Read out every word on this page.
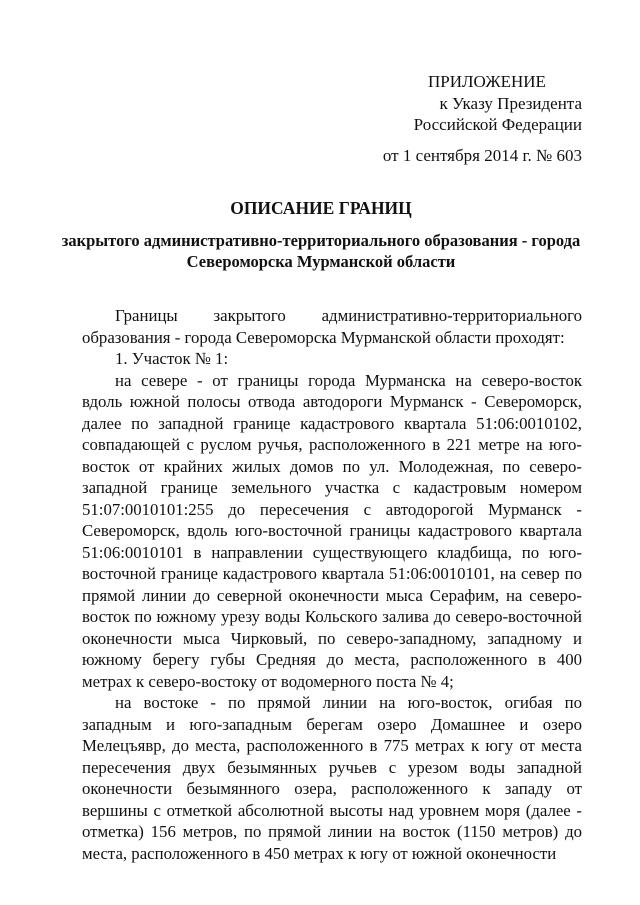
ПРИЛОЖЕНИЕ
к Указу Президента
Российской Федерации
от 1 сентября 2014 г. № 603
ОПИСАНИЕ ГРАНИЦ
закрытого административно-территориального образования - города Североморска Мурманской области

Границы закрытого административно-территориального образования - города Североморска Мурманской области проходят:

1. Участок № 1:

на севере - от границы города Мурманска на северо-восток вдоль южной полосы отвода автодороги Мурманск - Североморск, далее по западной границе кадастрового квартала 51:06:0010102, совпадающей с руслом ручья, расположенного в 221 метре на юго-восток от крайних жилых домов по ул. Молодежная, по северо-западной границе земельного участка с кадастровым номером 51:07:0010101:255 до пересечения с автодорогой Мурманск - Североморск, вдоль юго-восточной границы кадастрового квартала 51:06:0010101 в направлении существующего кладбища, по юго-восточной границе кадастрового квартала 51:06:0010101, на север по прямой линии до северной оконечности мыса Серафим, на северо-восток по южному урезу воды Кольского залива до северо-восточной оконечности мыса Чирковый, по северо-западному, западному и южному берегу губы Средняя до места, расположенного в 400 метрах к северо-востоку от водомерного поста № 4;

на востоке - по прямой линии на юго-восток, огибая по западным и юго-западным берегам озеро Домашнее и озеро Мелецъявр, до места, расположенного в 775 метрах к югу от места пересечения двух безымянных ручьев с урезом воды западной оконечности безымянного озера, расположенного к западу от вершины с отметкой абсолютной высоты над уровнем моря (далее - отметка) 156 метров, по прямой линии на восток (1150 метров) до места, расположенного в 450 метрах к югу от южной оконечности
